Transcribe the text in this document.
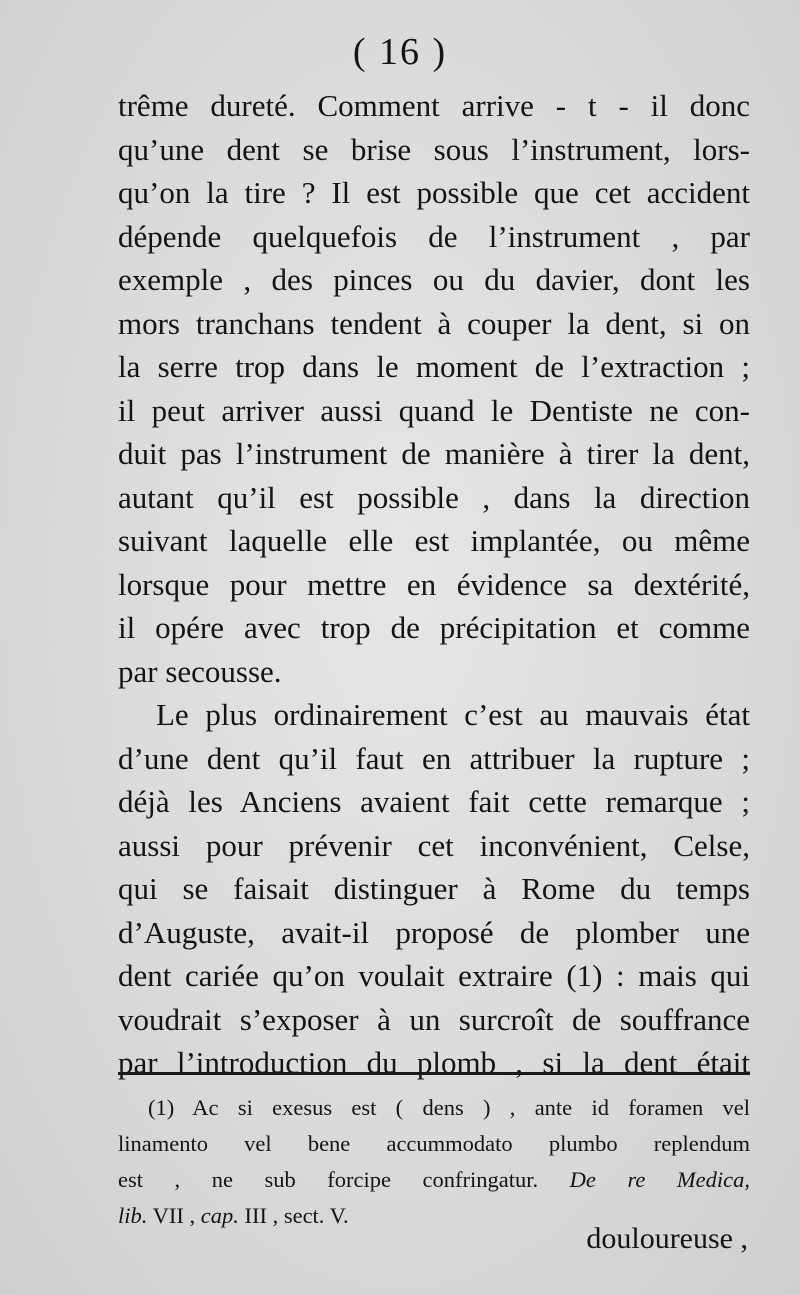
( 16 )
trême dureté. Comment arrive - t - il donc
qu’une dent se brise sous l’instrument, lors-
qu’on la tire ? Il est possible que cet accident
dépende quelquefois de l’instrument , par
exemple , des pinces ou du davier, dont les
mors tranchans tendent à couper la dent, si on
la serre trop dans le moment de l’extraction ;
il peut arriver aussi quand le Dentiste ne con-
duit pas l’instrument de manière à tirer la dent,
autant qu’il est possible , dans la direction
suivant laquelle elle est implantée, ou même
lorsque pour mettre en évidence sa dextérité,
il opére avec trop de précipitation et comme
par secousse.
Le plus ordinairement c’est au mauvais état
d’une dent qu’il faut en attribuer la rupture ;
déjà les Anciens avaient fait cette remarque ;
aussi pour prévenir cet inconvénient, Celse,
qui se faisait distinguer à Rome du temps
d’Auguste, avait-il proposé de plomber une
dent cariée qu’on voulait extraire (1) : mais qui
voudrait s’exposer à un surcroît de souffrance
par l’introduction du plomb , si la dent était
(1) Ac si exesus est ( dens ) , ante id foramen vel
linamento vel bene accummodato plumbo replendum
est , ne sub forcipe confringatur. De re Medica,
lib. VII , cap. III , sect. V.
douloureuse ,
